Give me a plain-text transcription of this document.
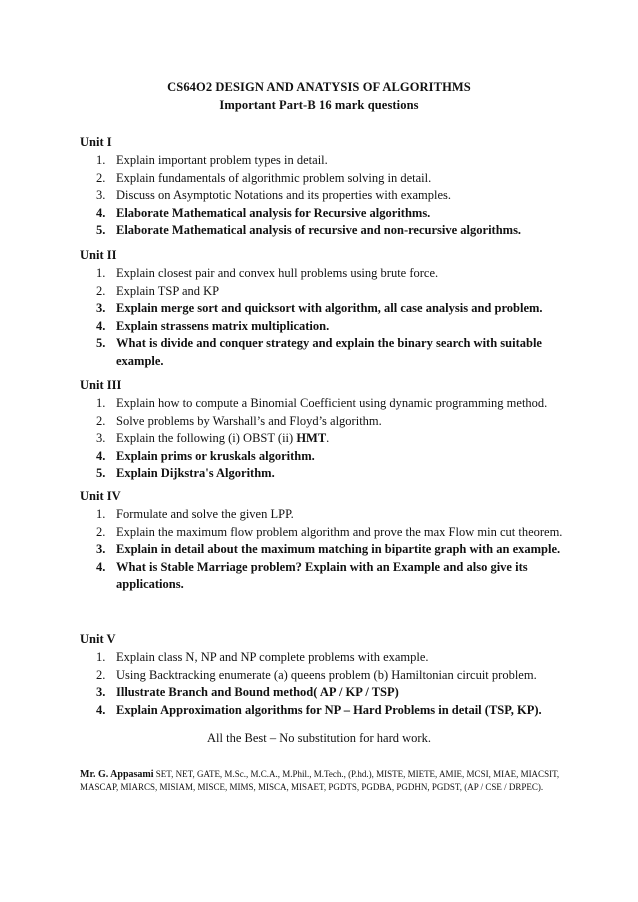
CS64O2 DESIGN AND ANATYSIS OF ALGORITHMS
Important Part-B 16 mark questions
Unit I
1. Explain important problem types in detail.
2. Explain fundamentals of algorithmic problem solving in detail.
3. Discuss on Asymptotic Notations and its properties with examples.
4. Elaborate Mathematical analysis for Recursive algorithms.
5. Elaborate Mathematical analysis of recursive and non-recursive algorithms.
Unit II
1. Explain closest pair and convex hull problems using brute force.
2. Explain TSP and KP
3. Explain merge sort and quicksort with algorithm, all case analysis and problem.
4. Explain strassens matrix multiplication.
5. What is divide and conquer strategy and explain the binary search with suitable example.
Unit III
1. Explain how to compute a Binomial Coefficient using dynamic programming method.
2. Solve problems by Warshall’s and Floyd’s algorithm.
3. Explain the following (i) OBST (ii) HMT.
4. Explain prims or kruskals algorithm.
5. Explain Dijkstra's Algorithm.
Unit IV
1. Formulate and solve the given LPP.
2. Explain the maximum flow problem algorithm and prove the max Flow min cut theorem.
3. Explain in detail about the maximum matching in bipartite graph with an example.
4. What is Stable Marriage problem? Explain with an Example and also give its applications.
Unit V
1. Explain class N, NP and NP complete problems with example.
2. Using Backtracking enumerate (a) queens problem (b) Hamiltonian circuit problem.
3. Illustrate Branch and Bound method( AP / KP / TSP)
4. Explain Approximation algorithms for NP – Hard Problems in detail (TSP, KP).
All the Best – No substitution for hard work.
Mr. G. Appasami SET, NET, GATE, M.Sc., M.C.A., M.Phil., M.Tech., (P.hd.), MISTE, MIETE, AMIE, MCSI, MIAE, MIACSIT, MASCAP, MIARCS, MISIAM, MISCE, MIMS, MISCA, MISAET, PGDTS, PGDBA, PGDHN, PGDST, (AP / CSE / DRPEC).
